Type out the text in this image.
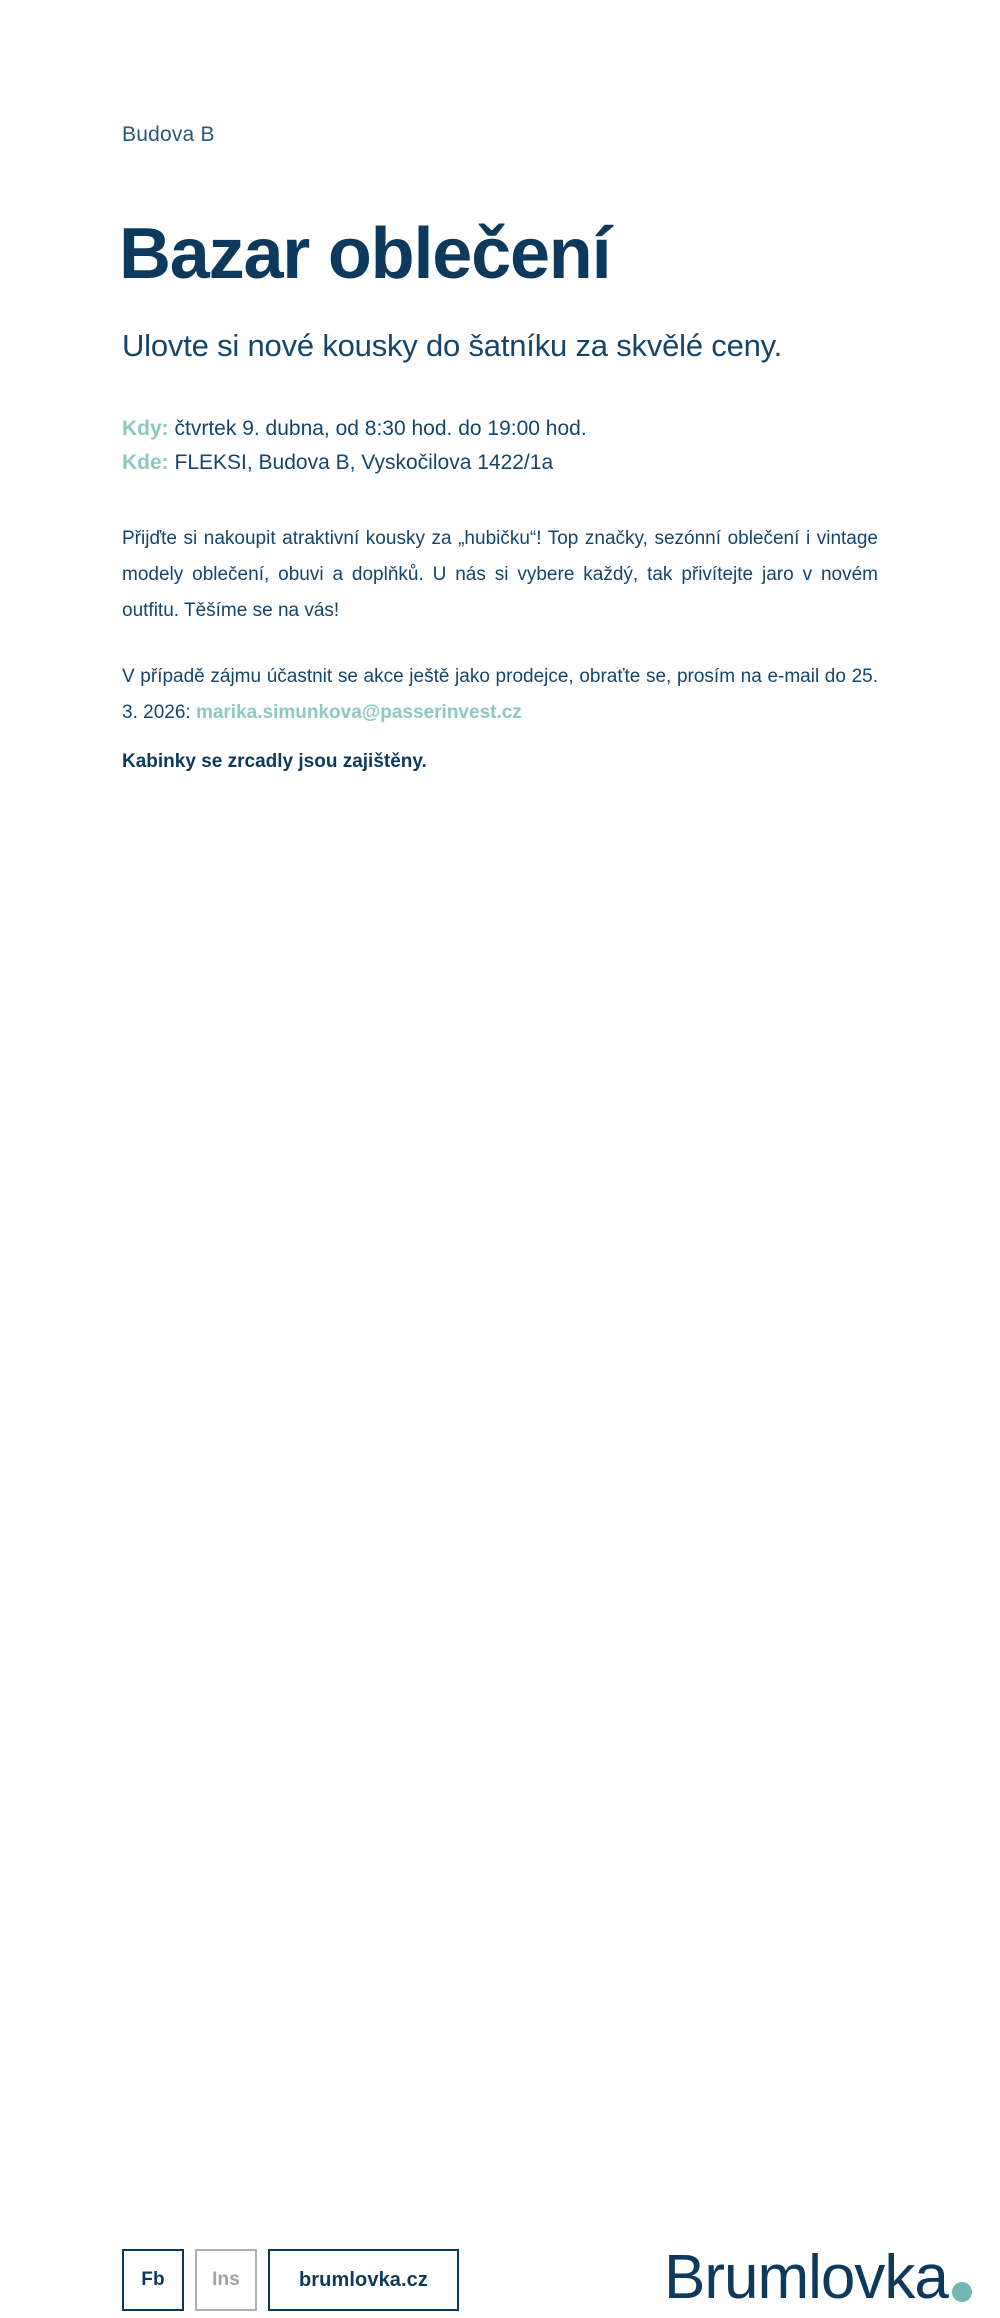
Budova B
Bazar oblečení

Ulovte si nové kousky do šatníku za skvělé ceny.

Kdy: čtvrtek 9. dubna, od 8:30 hod. do 19:00 hod.
Kde: FLEKSI, Budova B, Vyskočilova 1422/1a

Přijďte si nakoupit atraktivní kousky za „hubičku“! Top značky, sezónní oblečení i vintage modely oblečení, obuvi a doplňků. U nás si vybere každý, tak přivítejte jaro v novém outfitu. Těšíme se na vás!

V případě zájmu účastnit se akce ještě jako prodejce, obraťte se, prosím na e-mail do 25. 3. 2026: marika.simunkova@passerinvest.cz

Kabinky se zrcadly jsou zajištěny.

Fb	Ins	brumlovka.cz	Brumlovka
